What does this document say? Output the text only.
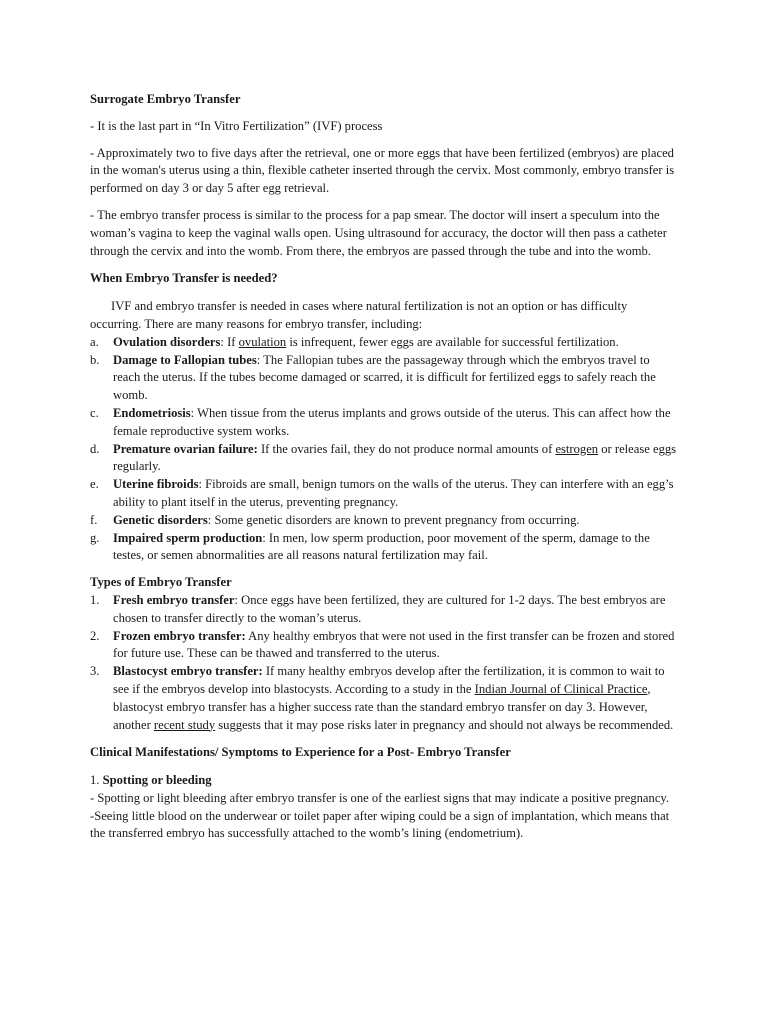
Surrogate Embryo Transfer

- It is the last part in “In Vitro Fertilization” (IVF) process

- Approximately two to five days after the retrieval, one or more eggs that have been fertilized (embryos) are placed in the woman's uterus using a thin, flexible catheter inserted through the cervix. Most commonly, embryo transfer is performed on day 3 or day 5 after egg retrieval.

- The embryo transfer process is similar to the process for a pap smear. The doctor will insert a speculum into the woman’s vagina to keep the vaginal walls open. Using ultrasound for accuracy, the doctor will then pass a catheter through the cervix and into the womb. From there, the embryos are passed through the tube and into the womb.

When Embryo Transfer is needed?

IVF and embryo transfer is needed in cases where natural fertilization is not an option or has difficulty occurring. There are many reasons for embryo transfer, including:

a. Ovulation disorders: If ovulation is infrequent, fewer eggs are available for successful fertilization.
b. Damage to Fallopian tubes: The Fallopian tubes are the passageway through which the embryos travel to reach the uterus. If the tubes become damaged or scarred, it is difficult for fertilized eggs to safely reach the womb.
c. Endometriosis: When tissue from the uterus implants and grows outside of the uterus. This can affect how the female reproductive system works.
d. Premature ovarian failure: If the ovaries fail, they do not produce normal amounts of estrogen or release eggs regularly.
e. Uterine fibroids: Fibroids are small, benign tumors on the walls of the uterus. They can interfere with an egg’s ability to plant itself in the uterus, preventing pregnancy.
f. Genetic disorders: Some genetic disorders are known to prevent pregnancy from occurring.
g. Impaired sperm production: In men, low sperm production, poor movement of the sperm, damage to the testes, or semen abnormalities are all reasons natural fertilization may fail.

Types of Embryo Transfer

1. Fresh embryo transfer: Once eggs have been fertilized, they are cultured for 1-2 days. The best embryos are chosen to transfer directly to the woman’s uterus.
2. Frozen embryo transfer: Any healthy embryos that were not used in the first transfer can be frozen and stored for future use. These can be thawed and transferred to the uterus.
3. Blastocyst embryo transfer: If many healthy embryos develop after the fertilization, it is common to wait to see if the embryos develop into blastocysts. According to a study in the Indian Journal of Clinical Practice, blastocyst embryo transfer has a higher success rate than the standard embryo transfer on day 3. However, another recent study suggests that it may pose risks later in pregnancy and should not always be recommended.

Clinical Manifestations/ Symptoms to Experience for a Post- Embryo Transfer

1. Spotting or bleeding

- Spotting or light bleeding after embryo transfer is one of the earliest signs that may indicate a positive pregnancy.

-Seeing little blood on the underwear or toilet paper after wiping could be a sign of implantation, which means that the transferred embryo has successfully attached to the womb’s lining (endometrium).
